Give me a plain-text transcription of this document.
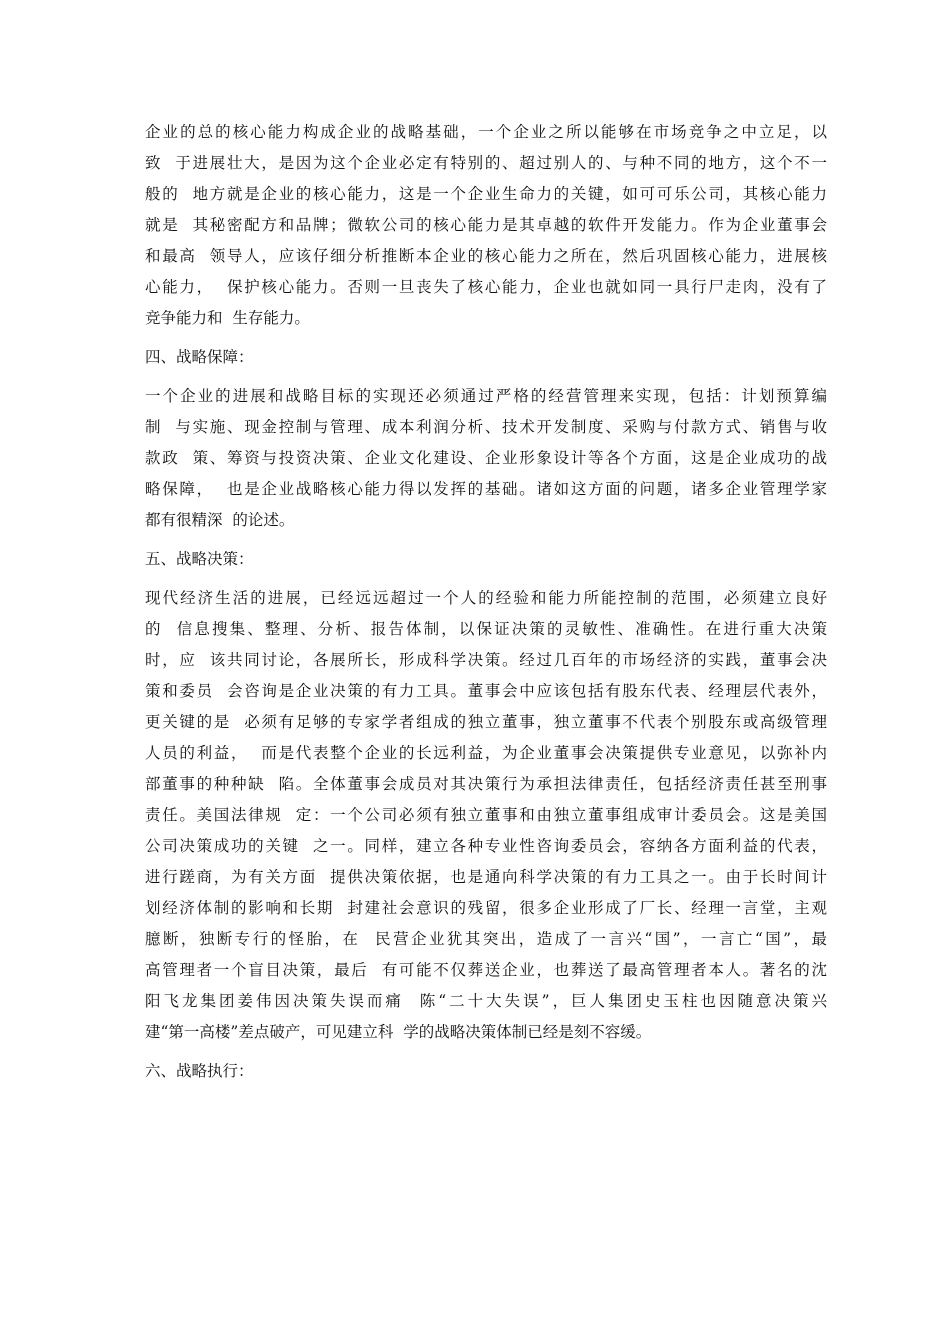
企业的总的核心能力构成企业的战略基础，一个企业之所以能够在市场竞争之中立足，以
致  于进展壮大，是因为这个企业必定有特别的、超过别人的、与种不同的地方，这个不一
般的  地方就是企业的核心能力，这是一个企业生命力的关键，如可可乐公司，其核心能力
就是  其秘密配方和品牌；微软公司的核心能力是其卓越的软件开发能力。作为企业董事会
和最高  领导人，应该仔细分析推断本企业的核心能力之所在，然后巩固核心能力，进展核
心能力，  保护核心能力。否则一旦丧失了核心能力，企业也就如同一具行尸走肉，没有了
竞争能力和  生存能力。
四、战略保障：
一个企业的进展和战略目标的实现还必须通过严格的经营管理来实现，包括：计划预算编
制  与实施、现金控制与管理、成本利润分析、技术开发制度、采购与付款方式、销售与收
款政  策、筹资与投资决策、企业文化建设、企业形象设计等各个方面，这是企业成功的战
略保障，  也是企业战略核心能力得以发挥的基础。诸如这方面的问题，诸多企业管理学家
都有很精深  的论述。
五、战略决策：
现代经济生活的进展，已经远远超过一个人的经验和能力所能控制的范围，必须建立良好
的  信息搜集、整理、分析、报告体制，以保证决策的灵敏性、准确性。在进行重大决策
时，应  该共同讨论，各展所长，形成科学决策。经过几百年的市场经济的实践，董事会决
策和委员  会咨询是企业决策的有力工具。董事会中应该包括有股东代表、经理层代表外，
更关键的是  必须有足够的专家学者组成的独立董事，独立董事不代表个别股东或高级管理
人员的利益，  而是代表整个企业的长远利益，为企业董事会决策提供专业意见，以弥补内
部董事的种种缺  陷。全体董事会成员对其决策行为承担法律责任，包括经济责任甚至刑事
责任。美国法律规  定：一个公司必须有独立董事和由独立董事组成审计委员会。这是美国
公司决策成功的关键  之一。同样，建立各种专业性咨询委员会，容纳各方面利益的代表，
进行蹉商，为有关方面  提供决策依据，也是通向科学决策的有力工具之一。由于长时间计
划经济体制的影响和长期  封建社会意识的残留，很多企业形成了厂长、经理一言堂，主观
臆断，独断专行的怪胎，在  民营企业犹其突出，造成了一言兴“国”，一言亡“国”，最
高管理者一个盲目决策，最后  有可能不仅葬送企业，也葬送了最高管理者本人。著名的沈
阳飞龙集团姜伟因决策失误而痛  陈“二十大失误”，巨人集团史玉柱也因随意决策兴
建“第一高楼”差点破产，可见建立科  学的战略决策体制已经是刻不容缓。
六、战略执行：
